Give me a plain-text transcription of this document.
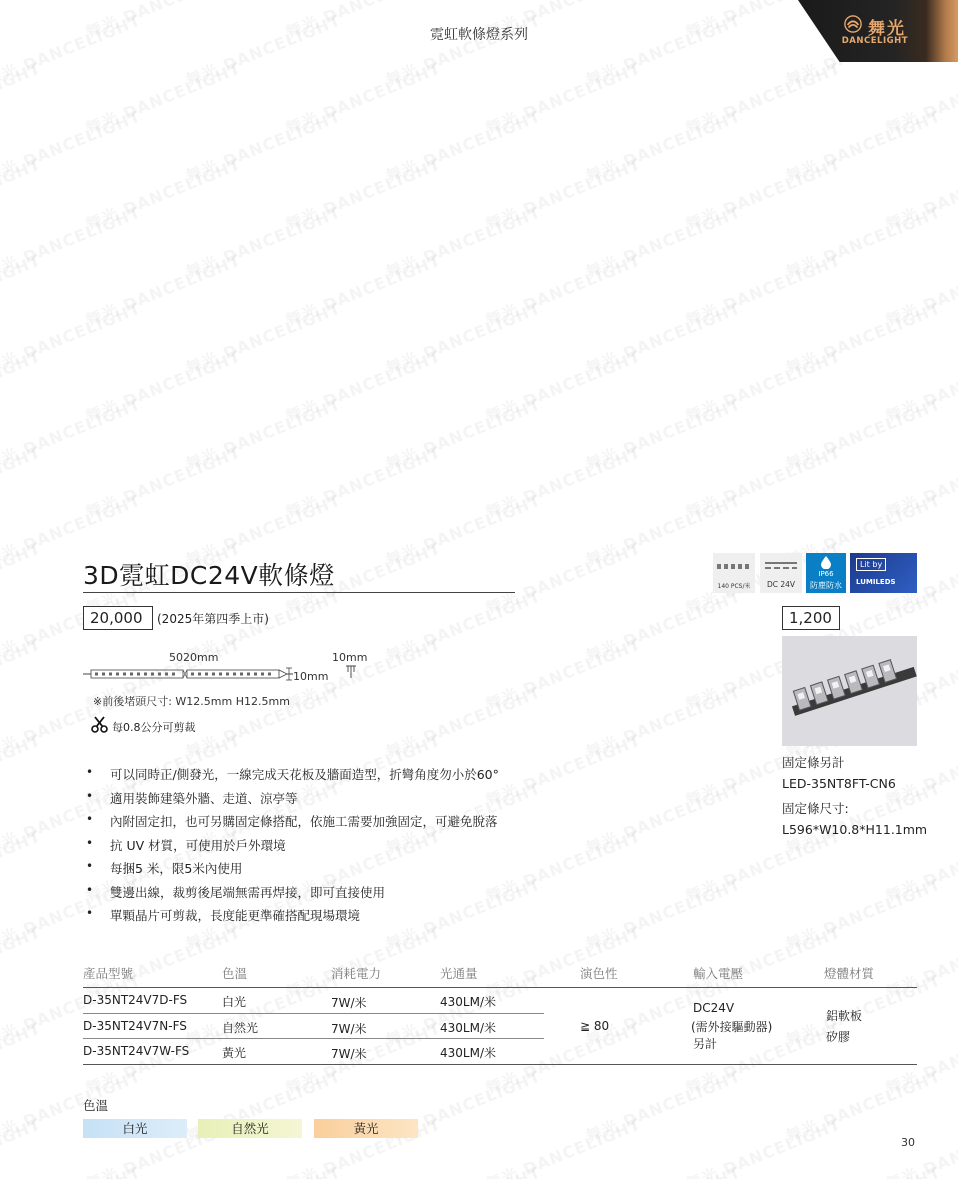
霓虹軟條燈系列	舞光
DANCELIGHT
3D霓虹DC24V軟條燈	140 PCS/米	DC 24V
IP66
防塵防水
Lit by
LUMILEDS
20,000	(2025年第四季上市)	1,200
5020mm	10mm
10mm
※前後堵頭尺寸: W12.5mm H12.5mm
每0.8公分可剪裁
•	可以同時正/側發光，一線完成天花板及牆面造型，折彎角度勿小於60°
•	適用裝飾建築外牆、走道、涼亭等
•	內附固定扣，也可另購固定條搭配，依施工需要加強固定，可避免脫落
•	抗 UV 材質，可使用於戶外環境
•	每捆5 米，限5米內使用
•	雙邊出線，裁剪後尾端無需再焊接，即可直接使用
•	單顆晶片可剪裁，長度能更準確搭配現場環境
固定條另計
LED-35NT8FT-CN6
固定條尺寸:
L596*W10.8*H11.1mm
產品型號	色溫	消耗電力	光通量	演色性	輸入電壓	燈體材質
D-35NT24V7D-FS	白光	7W/米	430LM/米
D-35NT24V7N-FS	自然光	7W/米	430LM/米
D-35NT24V7W-FS	黃光	7W/米	430LM/米
≧ 80
DC24V
(需外接驅動器)
另計
鋁軟板
矽膠
色溫
白光	自然光	黃光
30
